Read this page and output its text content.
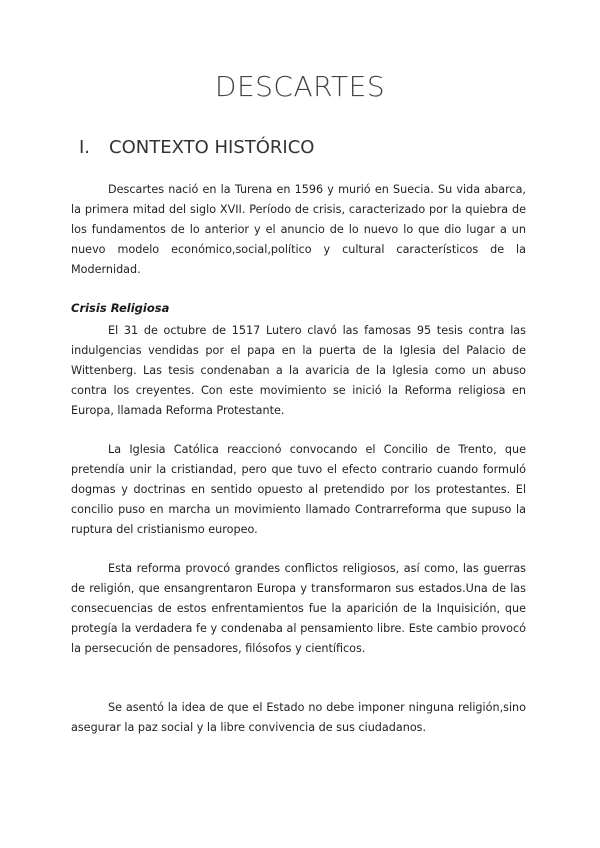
DESCARTES
I. CONTEXTO HISTÓRICO

Descartes nació en la Turena en 1596 y murió en Suecia. Su vida abarca, la primera mitad del siglo XVII. Período de crisis, caracterizado por la quiebra de los fundamentos de lo anterior y el anuncio de lo nuevo lo que dio lugar a un nuevo modelo económico,social,político y cultural característicos de la Modernidad.

Crisis Religiosa

El 31 de octubre de 1517 Lutero clavó las famosas 95 tesis contra las indulgencias vendidas por el papa en la puerta de la Iglesia del Palacio de Wittenberg. Las tesis condenaban a la avaricia de la Iglesia como un abuso contra los creyentes. Con este movimiento se inició la Reforma religiosa en Europa, llamada Reforma Protestante.

La Iglesia Católica reaccionó convocando el Concilio de Trento, que pretendía unir la cristiandad, pero que tuvo el efecto contrario cuando formuló dogmas y doctrinas en sentido opuesto al pretendido por los protestantes. El concilio puso en marcha un movimiento llamado Contrarreforma que supuso la ruptura del cristianismo europeo.

Esta reforma provocó grandes conflictos religiosos, así como, las guerras de religión, que ensangrentaron Europa y transformaron sus estados.Una de las consecuencias de estos enfrentamientos fue la aparición de la Inquisición, que protegía la verdadera fe y condenaba al pensamiento libre. Este cambio provocó la persecución de pensadores, filósofos y científicos.

Se asentó la idea de que el Estado no debe imponer ninguna religión,sino asegurar la paz social y la libre convivencia de sus ciudadanos.
